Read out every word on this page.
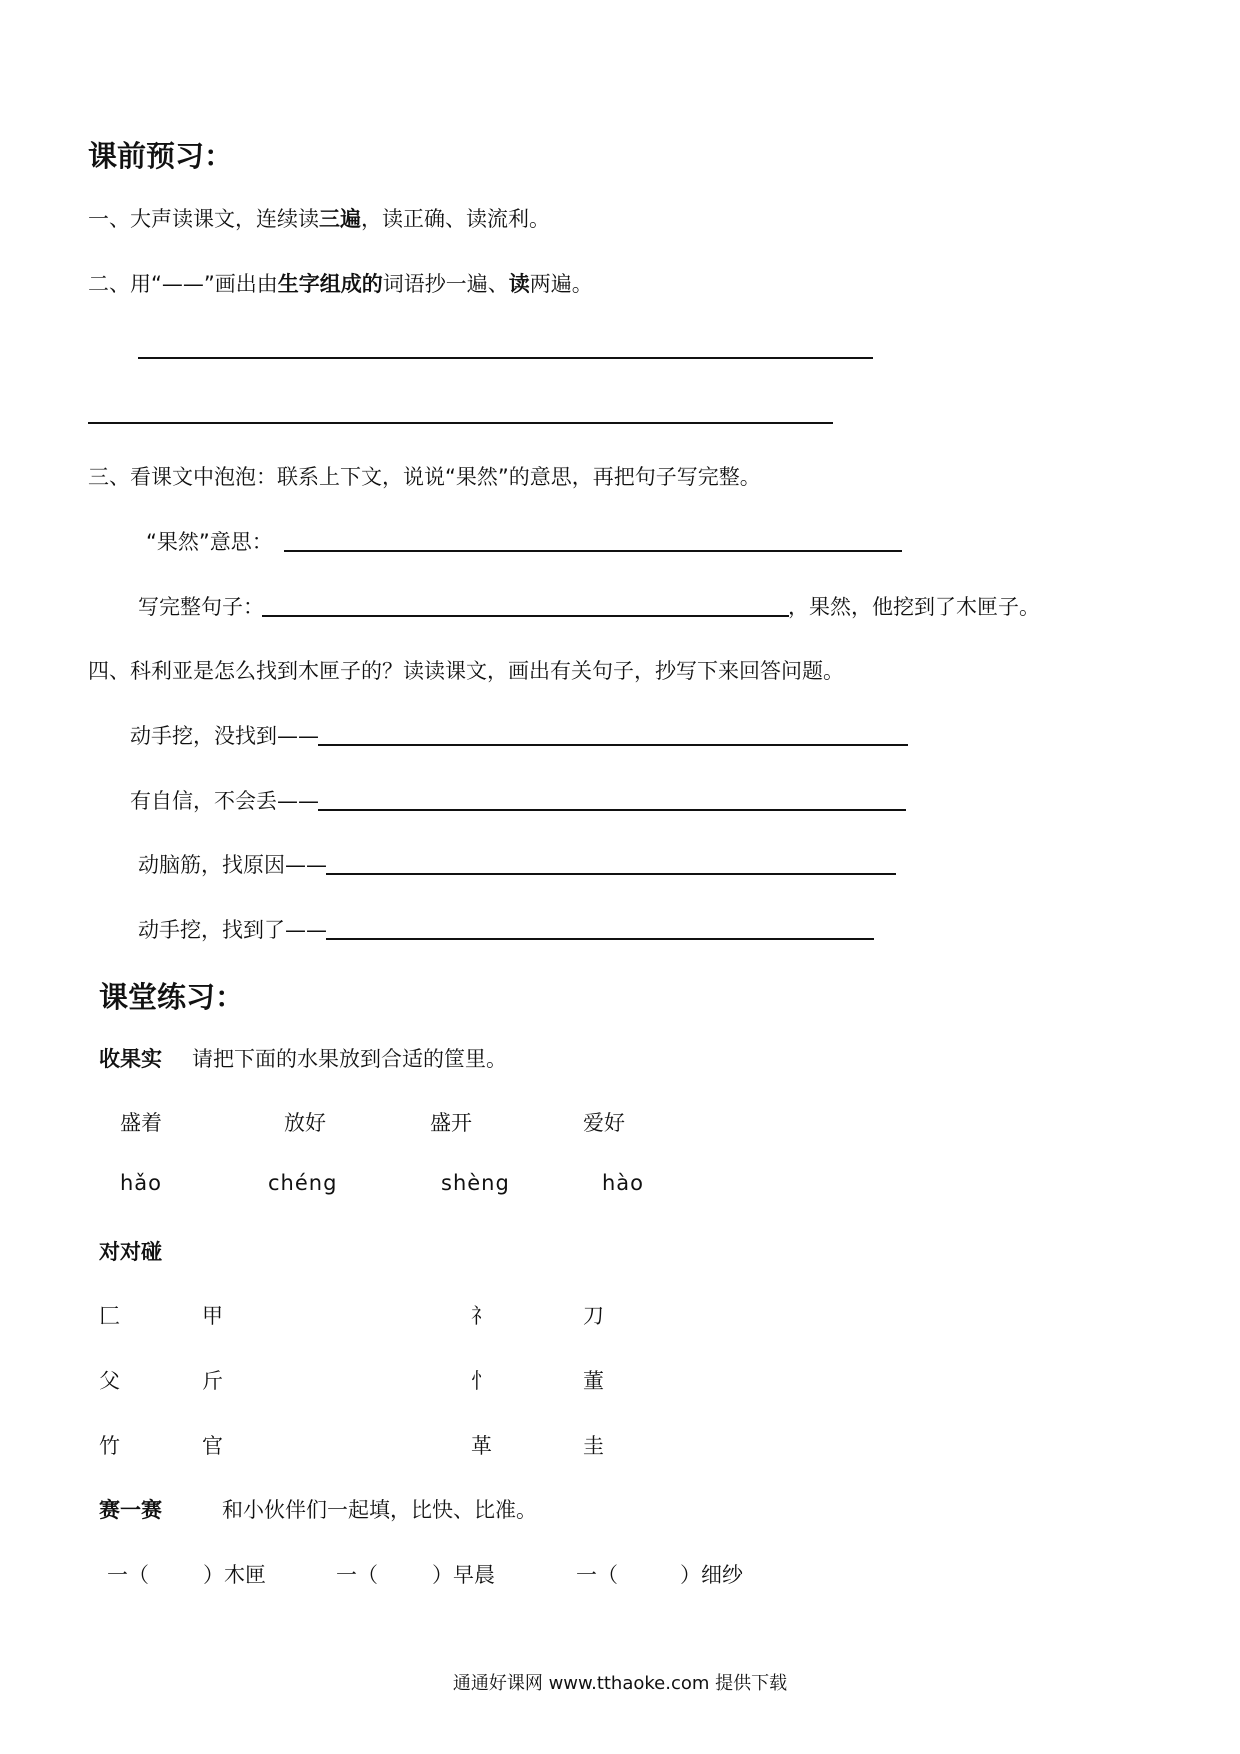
课前预习：
一、大声读课文，连续读三遍，读正确、读流利。
二、用“——”画出由生字组成的词语抄一遍、读两遍。
三、看课文中泡泡：联系上下文，说说“果然”的意思，再把句子写完整。
“果然”意思：
写完整句子：	，果然，他挖到了木匣子。
四、科利亚是怎么找到木匣子的？读读课文，画出有关句子，抄写下来回答问题。
动手挖，没找到——
有自信，不会丢——
动脑筋，找原因——
动手挖，找到了——
课堂练习：
收果实 请把下面的水果放到合适的筐里。
盛着	放好	盛开	爱好
hǎo	chéng	shèng	hào
对对碰
匚	甲	礻	刀
父	斤	忄	董
竹	官	革	圭
赛一赛	和小伙伴们一起填，比快、比准。
一（	）木匣	一（	）早晨	一（	）细纱
通通好课网 www.tthaoke.com 提供下载
